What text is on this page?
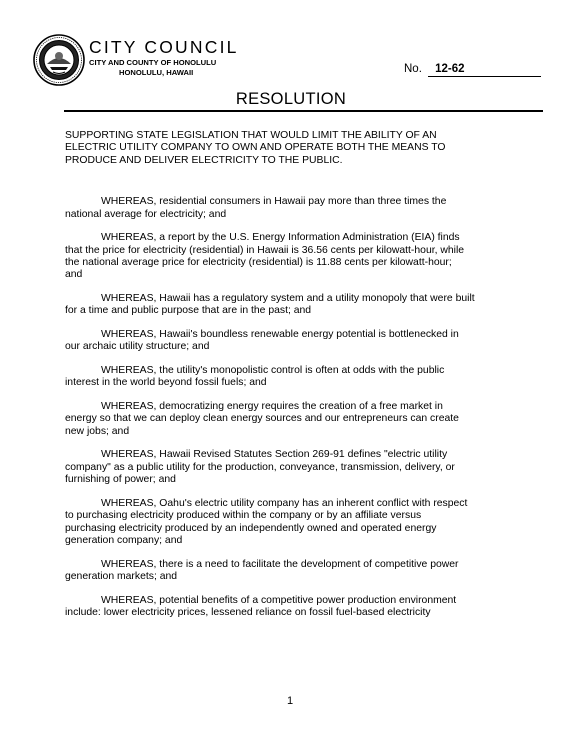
CITY COUNCIL
CITY AND COUNTY OF HONOLULU
HONOLULU, HAWAII	No. 12-62
RESOLUTION

SUPPORTING STATE LEGISLATION THAT WOULD LIMIT THE ABILITY OF AN
ELECTRIC UTILITY COMPANY TO OWN AND OPERATE BOTH THE MEANS TO
PRODUCE AND DELIVER ELECTRICITY TO THE PUBLIC.

WHEREAS, residential consumers in Hawaii pay more than three times the
national average for electricity; and

WHEREAS, a report by the U.S. Energy Information Administration (EIA) finds
that the price for electricity (residential) in Hawaii is 36.56 cents per kilowatt-hour, while
the national average price for electricity (residential) is 11.88 cents per kilowatt-hour;
and

WHEREAS, Hawaii has a regulatory system and a utility monopoly that were built
for a time and public purpose that are in the past; and

WHEREAS, Hawaii's boundless renewable energy potential is bottlenecked in
our archaic utility structure; and

WHEREAS, the utility's monopolistic control is often at odds with the public
interest in the world beyond fossil fuels; and

WHEREAS, democratizing energy requires the creation of a free market in
energy so that we can deploy clean energy sources and our entrepreneurs can create
new jobs; and

WHEREAS, Hawaii Revised Statutes Section 269-91 defines "electric utility
company" as a public utility for the production, conveyance, transmission, delivery, or
furnishing of power; and

WHEREAS, Oahu's electric utility company has an inherent conflict with respect
to purchasing electricity produced within the company or by an affiliate versus
purchasing electricity produced by an independently owned and operated energy
generation company; and

WHEREAS, there is a need to facilitate the development of competitive power
generation markets; and

WHEREAS, potential benefits of a competitive power production environment
include: lower electricity prices, lessened reliance on fossil fuel-based electricity

1
